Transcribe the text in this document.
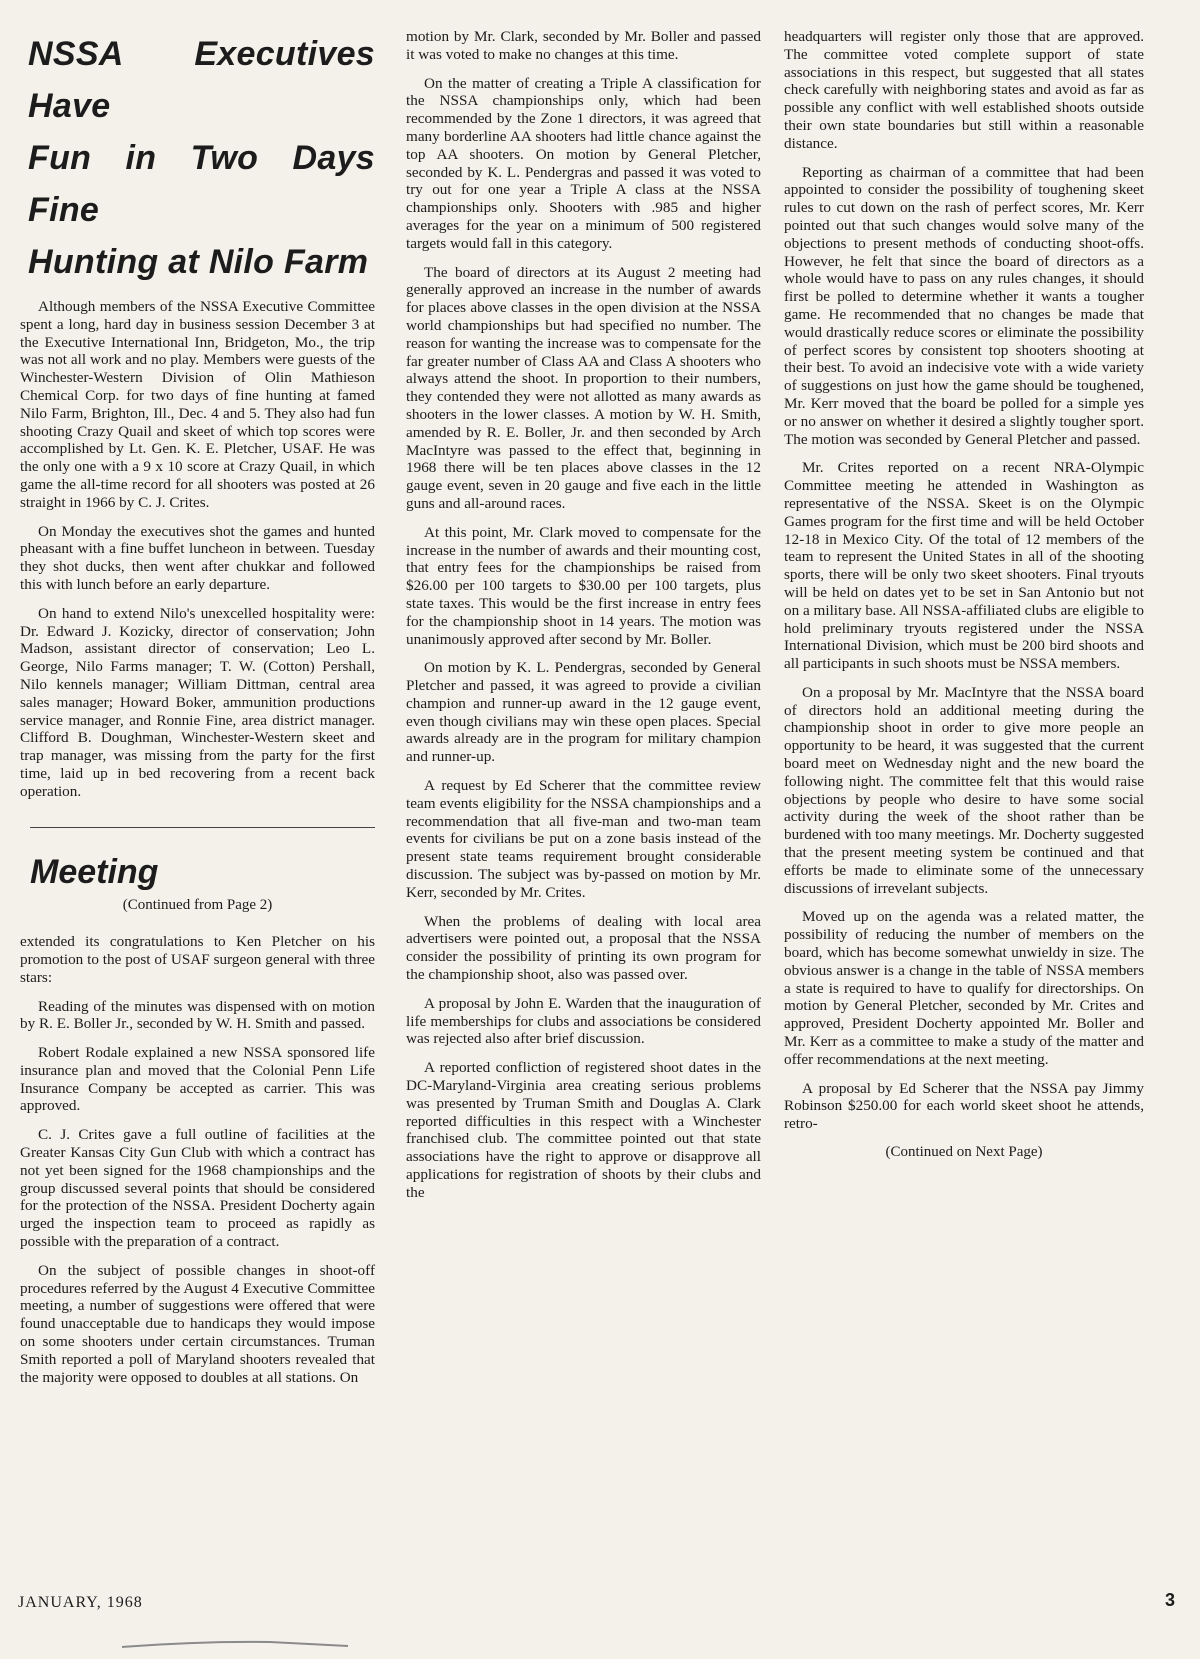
NSSA Executives Have
Fun in Two Days Fine
Hunting at Nilo Farm

Although members of the NSSA Executive Committee spent a long, hard day in business session December 3 at the Executive International Inn, Bridgeton, Mo., the trip was not all work and no play. Members were guests of the Winchester-Western Division of Olin Mathieson Chemical Corp. for two days of fine hunting at famed Nilo Farm, Brighton, Ill., Dec. 4 and 5. They also had fun shooting Crazy Quail and skeet of which top scores were accomplished by Lt. Gen. K. E. Pletcher, USAF. He was the only one with a 9 x 10 score at Crazy Quail, in which game the all-time record for all shooters was posted at 26 straight in 1966 by C. J. Crites.

On Monday the executives shot the games and hunted pheasant with a fine buffet luncheon in between. Tuesday they shot ducks, then went after chukkar and followed this with lunch before an early departure.

On hand to extend Nilo's unexcelled hospitality were: Dr. Edward J. Kozicky, director of conservation; John Madson, assistant director of conservation; Leo L. George, Nilo Farms manager; T. W. (Cotton) Pershall, Nilo kennels manager; William Dittman, central area sales manager; Howard Boker, ammunition productions service manager, and Ronnie Fine, area district manager. Clifford B. Doughman, Winchester-Western skeet and trap manager, was missing from the party for the first time, laid up in bed recovering from a recent back operation.

Meeting
(Continued from Page 2)

extended its congratulations to Ken Pletcher on his promotion to the post of USAF surgeon general with three stars:

Reading of the minutes was dispensed with on motion by R. E. Boller Jr., seconded by W. H. Smith and passed.

Robert Rodale explained a new NSSA sponsored life insurance plan and moved that the Colonial Penn Life Insurance Company be accepted as carrier. This was approved.

C. J. Crites gave a full outline of facilities at the Greater Kansas City Gun Club with which a contract has not yet been signed for the 1968 championships and the group discussed several points that should be considered for the protection of the NSSA. President Docherty again urged the inspection team to proceed as rapidly as possible with the preparation of a contract.

On the subject of possible changes in shoot-off procedures referred by the August 4 Executive Committee meeting, a number of suggestions were offered that were found unacceptable due to handicaps they would impose on some shooters under certain circumstances. Truman Smith reported a poll of Maryland shooters revealed that the majority were opposed to doubles at all stations. On

motion by Mr. Clark, seconded by Mr. Boller and passed it was voted to make no changes at this time.

On the matter of creating a Triple A classification for the NSSA championships only, which had been recommended by the Zone 1 directors, it was agreed that many borderline AA shooters had little chance against the top AA shooters. On motion by General Pletcher, seconded by K. L. Pendergras and passed it was voted to try out for one year a Triple A class at the NSSA championships only. Shooters with .985 and higher averages for the year on a minimum of 500 registered targets would fall in this category.

The board of directors at its August 2 meeting had generally approved an increase in the number of awards for places above classes in the open division at the NSSA world championships but had specified no number. The reason for wanting the increase was to compensate for the far greater number of Class AA and Class A shooters who always attend the shoot. In proportion to their numbers, they contended they were not allotted as many awards as shooters in the lower classes. A motion by W. H. Smith, amended by R. E. Boller, Jr. and then seconded by Arch MacIntyre was passed to the effect that, beginning in 1968 there will be ten places above classes in the 12 gauge event, seven in 20 gauge and five each in the little guns and all-around races.

At this point, Mr. Clark moved to compensate for the increase in the number of awards and their mounting cost, that entry fees for the championships be raised from $26.00 per 100 targets to $30.00 per 100 targets, plus state taxes. This would be the first increase in entry fees for the championship shoot in 14 years. The motion was unanimously approved after second by Mr. Boller.

On motion by K. L. Pendergras, seconded by General Pletcher and passed, it was agreed to provide a civilian champion and runner-up award in the 12 gauge event, even though civilians may win these open places. Special awards already are in the program for military champion and runner-up.

A request by Ed Scherer that the committee review team events eligibility for the NSSA championships and a recommendation that all five-man and two-man team events for civilians be put on a zone basis instead of the present state teams requirement brought considerable discussion. The subject was by-passed on motion by Mr. Kerr, seconded by Mr. Crites.

When the problems of dealing with local area advertisers were pointed out, a proposal that the NSSA consider the possibility of printing its own program for the championship shoot, also was passed over.

A proposal by John E. Warden that the inauguration of life memberships for clubs and associations be considered was rejected also after brief discussion.

A reported confliction of registered shoot dates in the DC-Maryland-Virginia area creating serious problems was presented by Truman Smith and Douglas A. Clark reported difficulties in this respect with a Winchester franchised club. The committee pointed out that state associations have the right to approve or disapprove all applications for registration of shoots by their clubs and the

headquarters will register only those that are approved. The committee voted complete support of state associations in this respect, but suggested that all states check carefully with neighboring states and avoid as far as possible any conflict with well established shoots outside their own state boundaries but still within a reasonable distance.

Reporting as chairman of a committee that had been appointed to consider the possibility of toughening skeet rules to cut down on the rash of perfect scores, Mr. Kerr pointed out that such changes would solve many of the objections to present methods of conducting shoot-offs. However, he felt that since the board of directors as a whole would have to pass on any rules changes, it should first be polled to determine whether it wants a tougher game. He recommended that no changes be made that would drastically reduce scores or eliminate the possibility of perfect scores by consistent top shooters shooting at their best. To avoid an indecisive vote with a wide variety of suggestions on just how the game should be toughened, Mr. Kerr moved that the board be polled for a simple yes or no answer on whether it desired a slightly tougher sport. The motion was seconded by General Pletcher and passed.

Mr. Crites reported on a recent NRA-Olympic Committee meeting he attended in Washington as representative of the NSSA. Skeet is on the Olympic Games program for the first time and will be held October 12-18 in Mexico City. Of the total of 12 members of the team to represent the United States in all of the shooting sports, there will be only two skeet shooters. Final tryouts will be held on dates yet to be set in San Antonio but not on a military base. All NSSA-affiliated clubs are eligible to hold preliminary tryouts registered under the NSSA International Division, which must be 200 bird shoots and all participants in such shoots must be NSSA members.

On a proposal by Mr. MacIntyre that the NSSA board of directors hold an additional meeting during the championship shoot in order to give more people an opportunity to be heard, it was suggested that the current board meet on Wednesday night and the new board the following night. The committee felt that this would raise objections by people who desire to have some social activity during the week of the shoot rather than be burdened with too many meetings. Mr. Docherty suggested that the present meeting system be continued and that efforts be made to eliminate some of the unnecessary discussions of irrevelant subjects.

Moved up on the agenda was a related matter, the possibility of reducing the number of members on the board, which has become somewhat unwieldy in size. The obvious answer is a change in the table of NSSA members a state is required to have to qualify for directorships. On motion by General Pletcher, seconded by Mr. Crites and approved, President Docherty appointed Mr. Boller and Mr. Kerr as a committee to make a study of the matter and offer recommendations at the next meeting.

A proposal by Ed Scherer that the NSSA pay Jimmy Robinson $250.00 for each world skeet shoot he attends, retro-

(Continued on Next Page)
JANUARY, 1968	3
